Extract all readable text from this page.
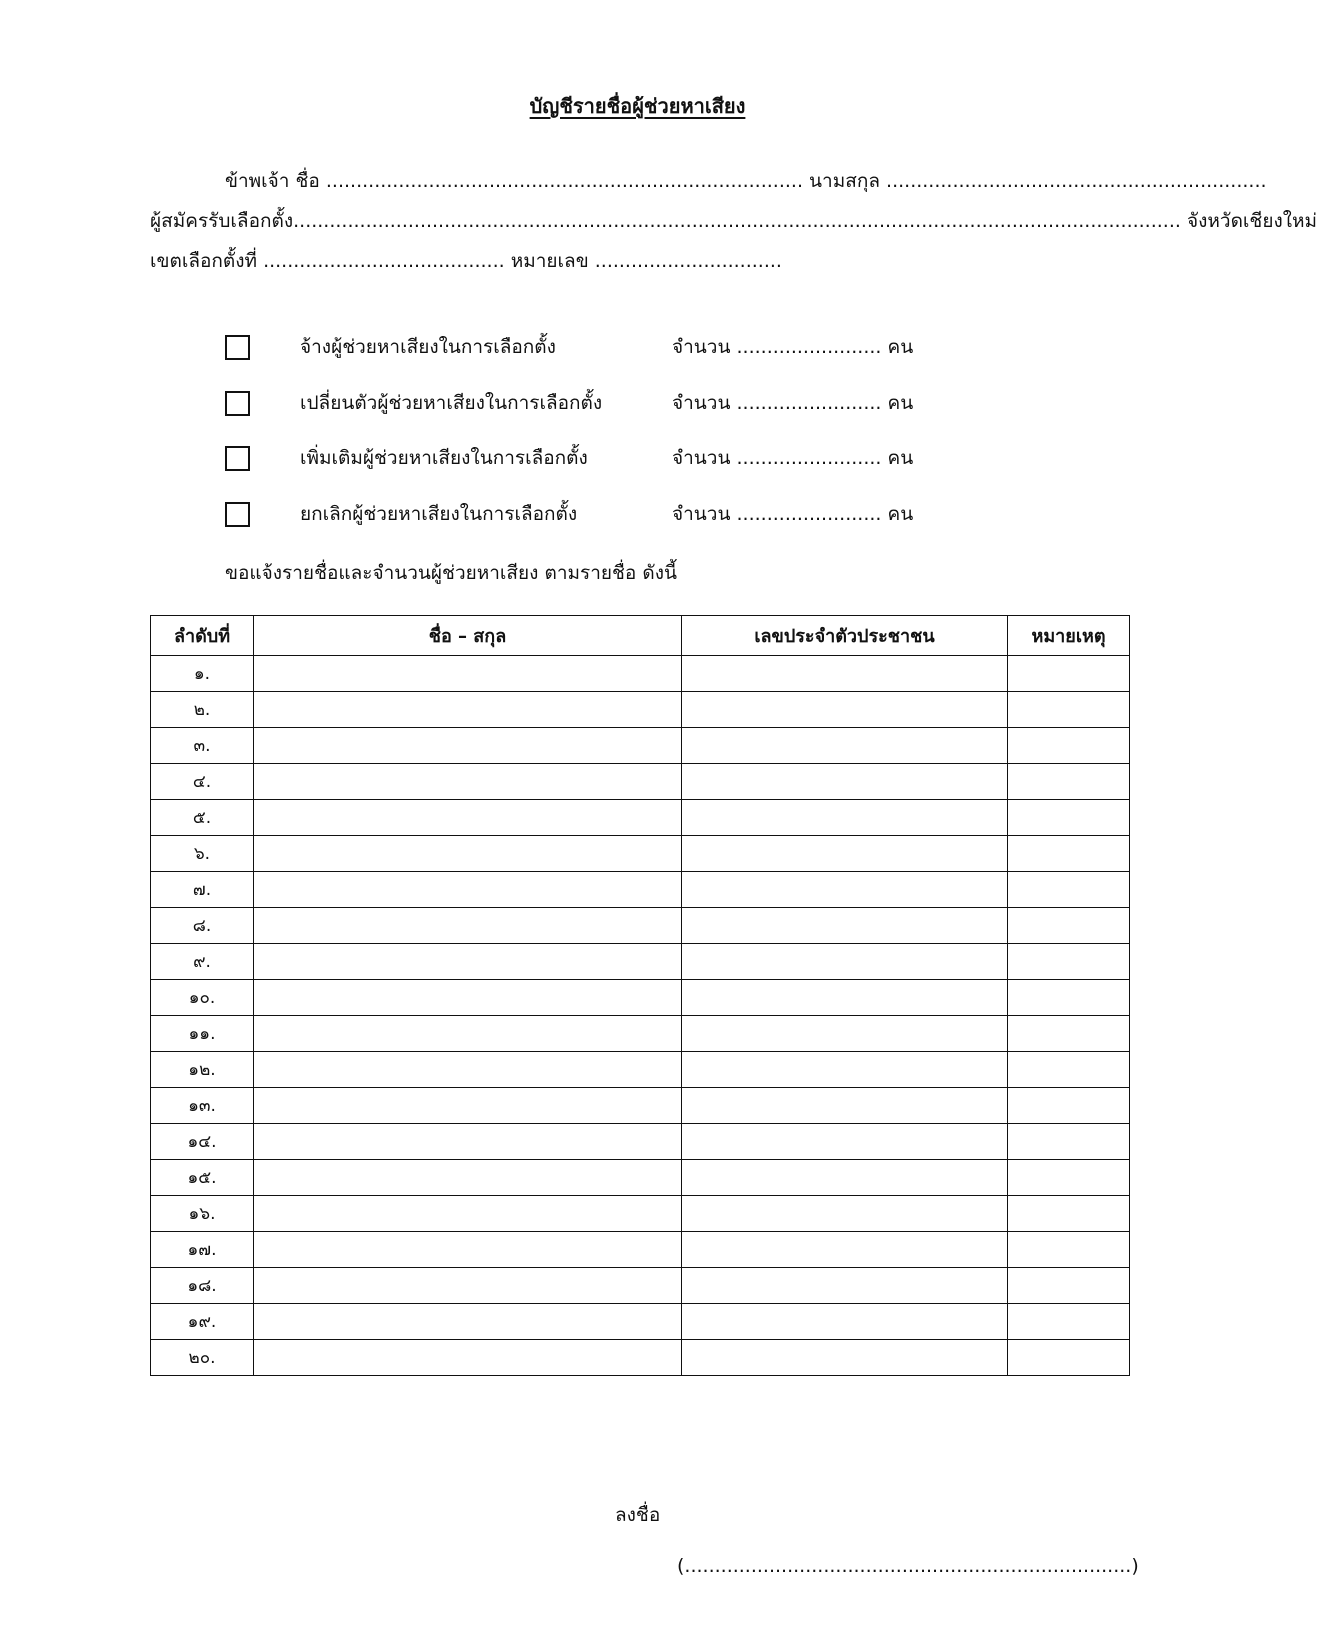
บัญชีรายชื่อผู้ช่วยหาเสียง
ข้าพเจ้า ชื่อ ............................................................................... นามสกุล ...............................................................
ผู้สมัครรับเลือกตั้ง................................................................................................................................................... จังหวัดเชียงใหม่
เขตเลือกตั้งที่ ........................................ หมายเลข ...............................
จ้างผู้ช่วยหาเสียงในการเลือกตั้ง	จำนวน ........................ คน
เปลี่ยนตัวผู้ช่วยหาเสียงในการเลือกตั้ง	จำนวน ........................ คน
เพิ่มเติมผู้ช่วยหาเสียงในการเลือกตั้ง	จำนวน ........................ คน
ยกเลิกผู้ช่วยหาเสียงในการเลือกตั้ง	จำนวน ........................ คน
ขอแจ้งรายชื่อและจำนวนผู้ช่วยหาเสียง ตามรายชื่อ ดังนี้
ลำดับที่	ชื่อ – สกุล	เลขประจำตัวประชาชน	หมายเหตุ
๑.			
๒.			
๓.			
๔.			
๕.			
๖.			
๗.			
๘.			
๙.			
๑๐.			
๑๑.			
๑๒.			
๑๓.			
๑๔.			
๑๕.			
๑๖.			
๑๗.			
๑๘.			
๑๙.			
๒๐.			
ลงชื่อ
(..........................................................................)
